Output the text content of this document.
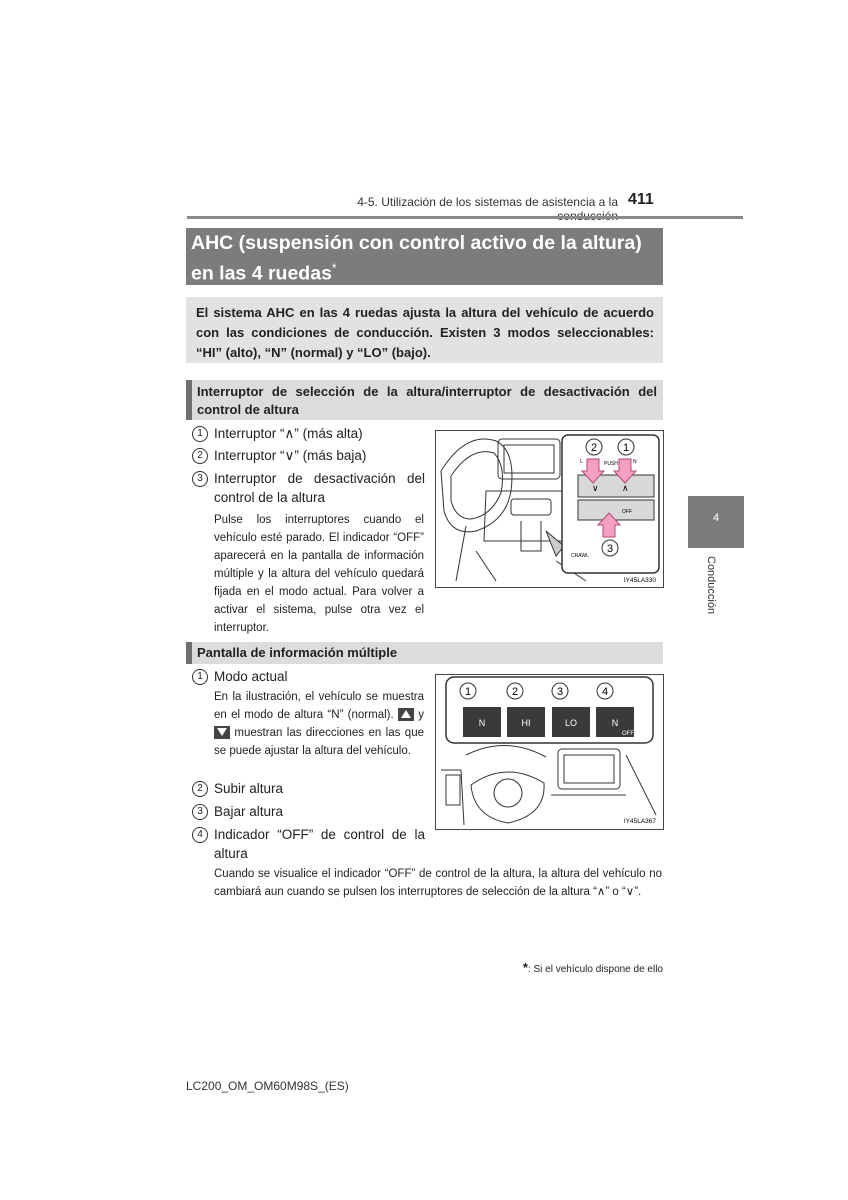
4-5. Utilización de los sistemas de asistencia a la 411
AHC (suspensión con control activo de la altura) en las 4 ruedas*
El sistema AHC en las 4 ruedas ajusta la altura del vehículo de acuerdo con las condiciones de conducción. Existen 3 modos seleccionables: “HI” (alto), “N” (normal) y “LO” (bajo).
Interruptor de selección de la altura/interruptor de desactivación del control de altura
1 Interruptor “∧” (más alta)
2 Interruptor “∨” (más baja)
3 Interruptor de desactivación del control de la altura
Pulse los interruptores cuando el vehículo esté parado. El indicador “OFF” aparecerá en la pantalla de información múltiple y la altura del vehículo quedará fijada en el modo actual. Para volver a activar el sistema, pulse otra vez el interruptor.
2 1
3
L	PUSH	N
∨	∧
OFF
CRAWL
IY45LA330
Pantalla de información múltiple
1 Modo actual
En la ilustración, el vehículo se muestra en el modo de altura “N” (normal). y  muestran las direcciones en las que se puede ajustar la altura del vehículo.
2 Subir altura
3 Bajar altura
4 Indicador “OFF” de control de la altura
Cuando se visualice el indicador “OFF” de control de la altura, la altura del vehículo no cambiará aun cuando se pulsen los interruptores de selección de la altura “∧” o “∨”.
1	2	3	4
N	HI	LO	N
OFF
IY45LA367
4
Conducción
*: Si el vehículo dispone de ello
LC200_OM_OM60M98S_(ES)
